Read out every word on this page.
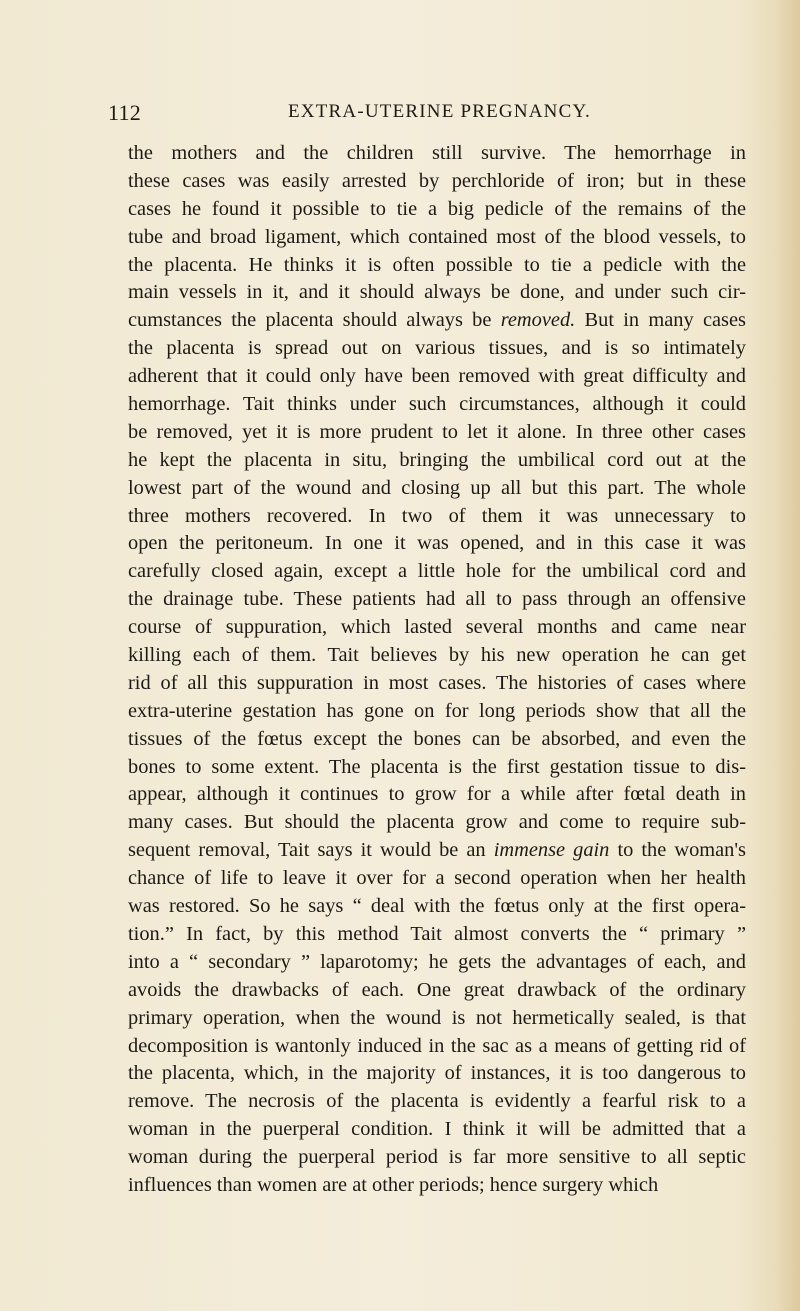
112	EXTRA-UTERINE PREGNANCY.
the mothers and the children still survive. The hemorrhage in
these cases was easily arrested by perchloride of iron; but in these
cases he found it possible to tie a big pedicle of the remains of the
tube and broad ligament, which contained most of the blood vessels, to
the placenta. He thinks it is often possible to tie a pedicle with the
main vessels in it, and it should always be done, and under such cir-
cumstances the placenta should always be removed. But in many cases
the placenta is spread out on various tissues, and is so intimately
adherent that it could only have been removed with great difficulty and
hemorrhage. Tait thinks under such circumstances, although it could
be removed, yet it is more prudent to let it alone. In three other cases
he kept the placenta in situ, bringing the umbilical cord out at the
lowest part of the wound and closing up all but this part. The whole
three mothers recovered. In two of them it was unnecessary to
open the peritoneum. In one it was opened, and in this case it was
carefully closed again, except a little hole for the umbilical cord and
the drainage tube. These patients had all to pass through an offensive
course of suppuration, which lasted several months and came near
killing each of them. Tait believes by his new operation he can get
rid of all this suppuration in most cases. The histories of cases where
extra-uterine gestation has gone on for long periods show that all the
tissues of the fœtus except the bones can be absorbed, and even the
bones to some extent. The placenta is the first gestation tissue to dis-
appear, although it continues to grow for a while after fœtal death in
many cases. But should the placenta grow and come to require sub-
sequent removal, Tait says it would be an immense gain to the woman's
chance of life to leave it over for a second operation when her health
was restored. So he says “ deal with the fœtus only at the first opera-
tion.” In fact, by this method Tait almost converts the “ primary ”
into a “ secondary ” laparotomy; he gets the advantages of each, and
avoids the drawbacks of each. One great drawback of the ordinary
primary operation, when the wound is not hermetically sealed, is that
decomposition is wantonly induced in the sac as a means of getting rid of
the placenta, which, in the majority of instances, it is too dangerous to
remove. The necrosis of the placenta is evidently a fearful risk to a
woman in the puerperal condition. I think it will be admitted that a
woman during the puerperal period is far more sensitive to all septic
influences than women are at other periods; hence surgery which
